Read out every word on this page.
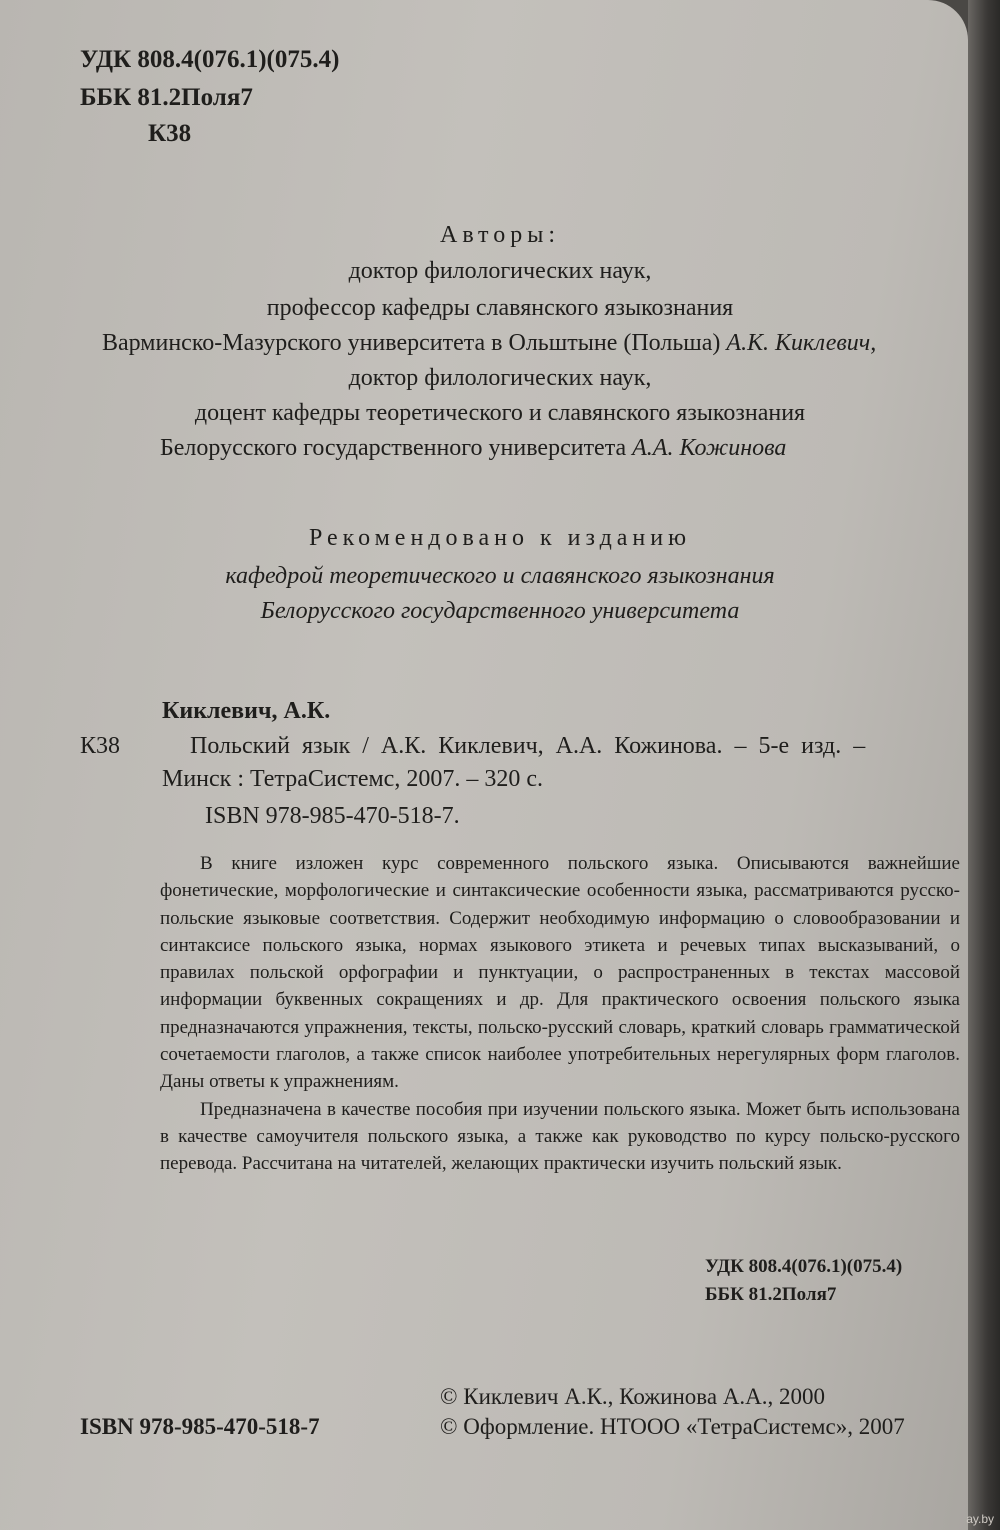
УДК 808.4(076.1)(075.4)
ББК 81.2Поля7
К38
Авторы:
доктор филологических наук,
профессор кафедры славянского языкознания
Варминско-Мазурского университета в Ольштыне (Польша) А.К. Киклевич,
доктор филологических наук,
доцент кафедры теоретического и славянского языкознания
Белорусского государственного университета А.А. Кожинова
Рекомендовано к изданию
кафедрой теоретического и славянского языкознания
Белорусского государственного университета
Киклевич, А.К.
К38	Польский язык / А.К. Киклевич, А.А. Кожинова. – 5-е изд. –
Минск : ТетраСистемс, 2007. – 320 с.
ISBN 978-985-470-518-7.

В книге изложен курс современного польского языка. Описываются важнейшие фонетические, морфологические и синтаксические особенности языка, рассматриваются русско-польские языковые соответствия. Содержит необходимую информацию о словообразовании и синтаксисе польского языка, нормах языкового этикета и речевых типах высказываний, о правилах польской орфографии и пунктуации, о распространенных в текстах массовой информации буквенных сокращениях и др. Для практического освоения польского языка предназначаются упражнения, тексты, польско-русский словарь, краткий словарь грамматической сочетаемости глаголов, а также список наиболее употребительных нерегулярных форм глаголов. Даны ответы к упражнениям.

Предназначена в качестве пособия при изучении польского языка. Может быть использована в качестве самоучителя польского языка, а также как руководство по курсу польско-русского перевода. Рассчитана на читателей, желающих практически изучить польский язык.

УДК 808.4(076.1)(075.4)
ББК 81.2Поля7
ISBN 978-985-470-518-7
© Киклевич А.К., Кожинова А.А., 2000
© Оформление. НТООО «ТетраСистемс», 2007
ay.by
